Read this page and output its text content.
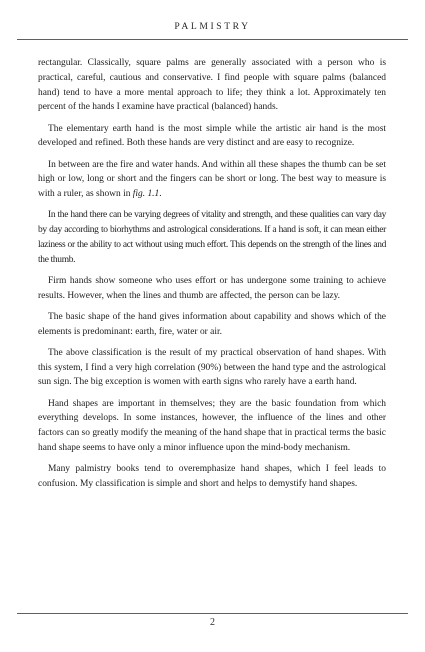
PALMISTRY

rectangular. Classically, square palms are generally associated with a person who is practical, careful, cautious and conservative. I find people with square palms (balanced hand) tend to have a more mental approach to life; they think a lot. Approximately ten percent of the hands I examine have practical (balanced) hands.

The elementary earth hand is the most simple while the artistic air hand is the most developed and refined. Both these hands are very distinct and are easy to recognize.

In between are the fire and water hands. And within all these shapes the thumb can be set high or low, long or short and the fingers can be short or long. The best way to measure is with a ruler, as shown in fig. 1.1.

In the hand there can be varying degrees of vitality and strength, and these qualities can vary day by day according to biorhythms and astrological considerations. If a hand is soft, it can mean either laziness or the ability to act without using much effort. This depends on the strength of the lines and the thumb.

Firm hands show someone who uses effort or has undergone some training to achieve results. However, when the lines and thumb are affected, the person can be lazy.

The basic shape of the hand gives information about capability and shows which of the elements is predominant: earth, fire, water or air.

The above classification is the result of my practical observation of hand shapes. With this system, I find a very high correlation (90%) between the hand type and the astrological sun sign. The big exception is women with earth signs who rarely have a earth hand.

Hand shapes are important in themselves; they are the basic foundation from which everything develops. In some instances, however, the influence of the lines and other factors can so greatly modify the meaning of the hand shape that in practical terms the basic hand shape seems to have only a minor influence upon the mind-body mechanism.

Many palmistry books tend to overemphasize hand shapes, which I feel leads to confusion. My classification is simple and short and helps to demystify hand shapes.

2
